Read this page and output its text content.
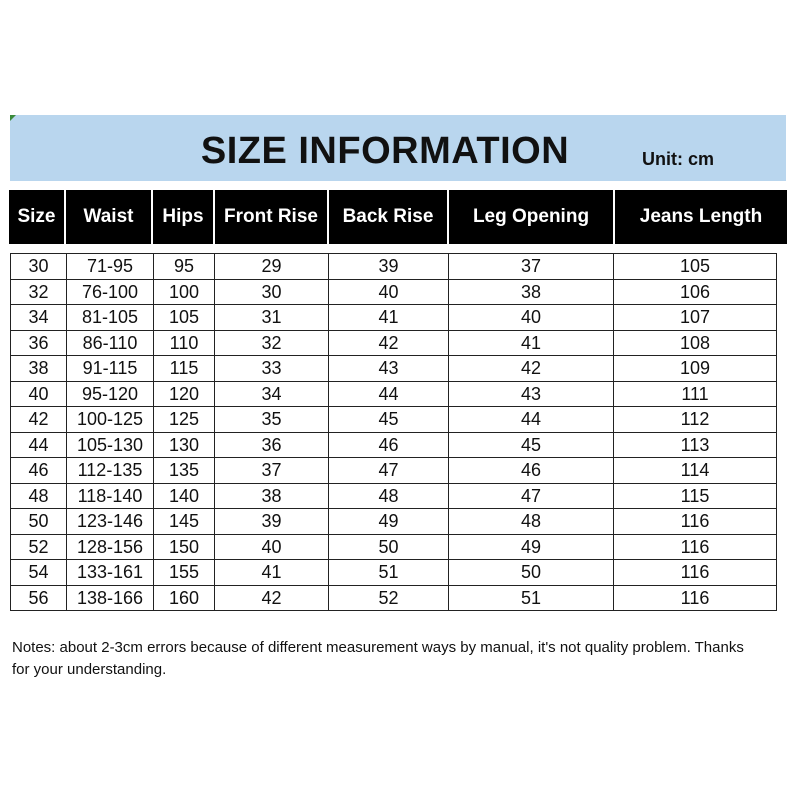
SIZE INFORMATION	Unit: cm
Size	Waist	Hips	Front Rise	Back Rise	Leg Opening	Jeans Length
30	71-95	95	29	39	37	105
32	76-100	100	30	40	38	106
34	81-105	105	31	41	40	107
36	86-110	110	32	42	41	108
38	91-115	115	33	43	42	109
40	95-120	120	34	44	43	111
42	100-125	125	35	45	44	112
44	105-130	130	36	46	45	113
46	112-135	135	37	47	46	114
48	118-140	140	38	48	47	115
50	123-146	145	39	49	48	116
52	128-156	150	40	50	49	116
54	133-161	155	41	51	50	116
56	138-166	160	42	52	51	116
Notes: about 2-3cm errors because of different measurement ways by manual, it's not quality problem. Thanks for your understanding.
